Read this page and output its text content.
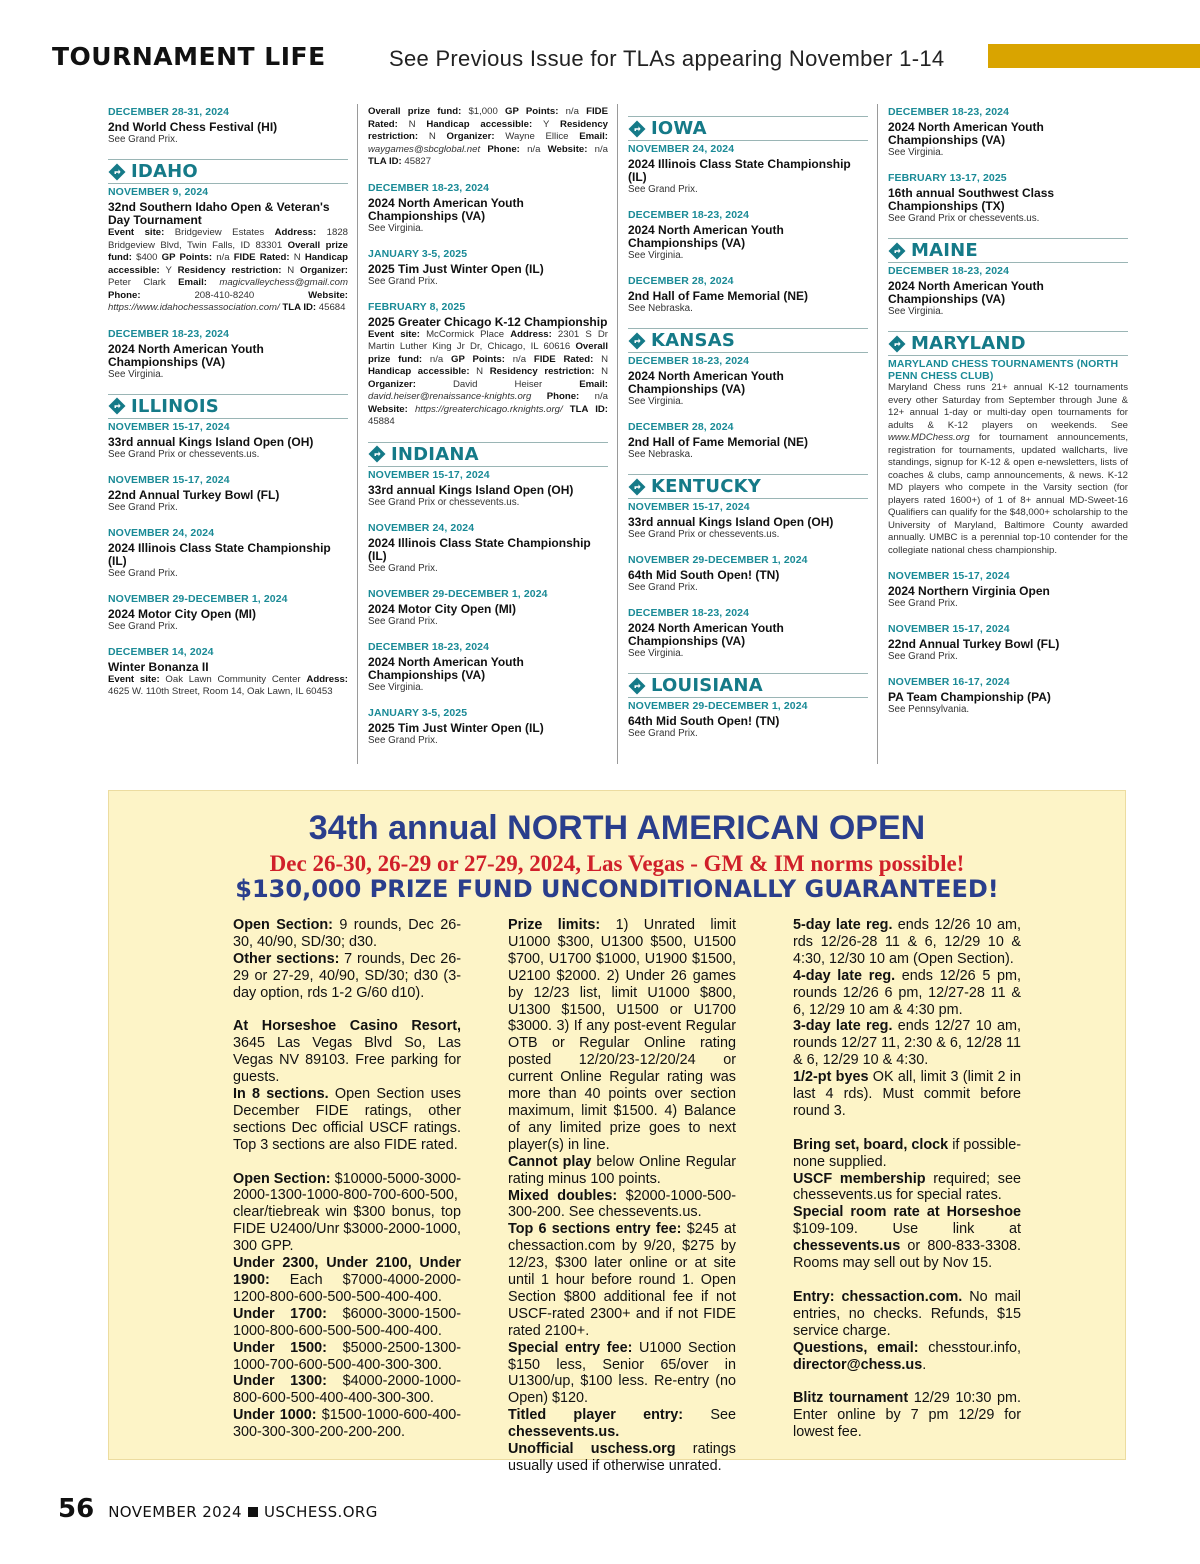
TOURNAMENT LIFE	See Previous Issue for TLAs appearing November 1-14
DECEMBER 28-31, 2024
2nd World Chess Festival (HI)
See Grand Prix.
IDAHO
NOVEMBER 9, 2024
32nd Southern Idaho Open & Veteran's Day Tournament
Event site: Bridgeview Estates Address: 1828 Bridgeview Blvd, Twin Falls, ID 83301 Overall prize fund: $400 GP Points: n/a FIDE Rated: N Handicap accessible: Y Residency restriction: N Organizer: Peter Clark Email: magicvalleychess@gmail.com Phone: 208-410-8240 Website: https://www.idahochessassociation.com/ TLA ID: 45684
DECEMBER 18-23, 2024
2024 North American Youth Championships (VA)
See Virginia.
ILLINOIS
NOVEMBER 15-17, 2024
33rd annual Kings Island Open (OH)
See Grand Prix or chessevents.us.
NOVEMBER 15-17, 2024
22nd Annual Turkey Bowl (FL)
See Grand Prix.
NOVEMBER 24, 2024
2024 Illinois Class State Championship (IL)
See Grand Prix.
NOVEMBER 29-DECEMBER 1, 2024
2024 Motor City Open (MI)
See Grand Prix.
DECEMBER 14, 2024
Winter Bonanza II
Event site: Oak Lawn Community Center Address: 4625 W. 110th Street, Room 14, Oak Lawn, IL 60453
Overall prize fund: $1,000 GP Points: n/a FIDE Rated: N Handicap accessible: Y Residency restriction: N Organizer: Wayne Ellice Email: waygames@sbcglobal.net Phone: n/a Website: n/a TLA ID: 45827
DECEMBER 18-23, 2024
2024 North American Youth Championships (VA)
See Virginia.
JANUARY 3-5, 2025
2025 Tim Just Winter Open (IL)
See Grand Prix.
FEBRUARY 8, 2025
2025 Greater Chicago K-12 Championship
Event site: McCormick Place Address: 2301 S Dr Martin Luther King Jr Dr, Chicago, IL 60616 Overall prize fund: n/a GP Points: n/a FIDE Rated: N Handicap accessible: N Residency restriction: N Organizer: David Heiser Email: david.heiser@renaissance-knights.org Phone: n/a Website: https://greaterchicago.rknights.org/ TLA ID: 45884
INDIANA
NOVEMBER 15-17, 2024
33rd annual Kings Island Open (OH)
See Grand Prix or chessevents.us.
NOVEMBER 24, 2024
2024 Illinois Class State Championship (IL)
See Grand Prix.
NOVEMBER 29-DECEMBER 1, 2024
2024 Motor City Open (MI)
See Grand Prix.
DECEMBER 18-23, 2024
2024 North American Youth Championships (VA)
See Virginia.
JANUARY 3-5, 2025
2025 Tim Just Winter Open (IL)
See Grand Prix.
IOWA
NOVEMBER 24, 2024
2024 Illinois Class State Championship (IL)
See Grand Prix.
DECEMBER 18-23, 2024
2024 North American Youth Championships (VA)
See Virginia.
DECEMBER 28, 2024
2nd Hall of Fame Memorial (NE)
See Nebraska.
KANSAS
DECEMBER 18-23, 2024
2024 North American Youth Championships (VA)
See Virginia.
DECEMBER 28, 2024
2nd Hall of Fame Memorial (NE)
See Nebraska.
KENTUCKY
NOVEMBER 15-17, 2024
33rd annual Kings Island Open (OH)
See Grand Prix or chessevents.us.
NOVEMBER 29-DECEMBER 1, 2024
64th Mid South Open! (TN)
See Grand Prix.
DECEMBER 18-23, 2024
2024 North American Youth Championships (VA)
See Virginia.
LOUISIANA
NOVEMBER 29-DECEMBER 1, 2024
64th Mid South Open! (TN)
See Grand Prix.
DECEMBER 18-23, 2024
2024 North American Youth Championships (VA)
See Virginia.
FEBRUARY 13-17, 2025
16th annual Southwest Class Championships (TX)
See Grand Prix or chessevents.us.
MAINE
DECEMBER 18-23, 2024
2024 North American Youth Championships (VA)
See Virginia.
MARYLAND
MARYLAND CHESS TOURNAMENTS (NORTH PENN CHESS CLUB)
Maryland Chess runs 21+ annual K-12 tournaments every other Saturday from September through June & 12+ annual 1-day or multi-day open tournaments for adults & K-12 players on weekends. See www.MDChess.org for tournament announcements, registration for tournaments, updated wallcharts, live standings, signup for K-12 & open e-newsletters, lists of coaches & clubs, camp announcements, & news. K-12 MD players who compete in the Varsity section (for players rated 1600+) of 1 of 8+ annual MD-Sweet-16 Qualifiers can qualify for the $48,000+ scholarship to the University of Maryland, Baltimore County awarded annually. UMBC is a perennial top-10 contender for the collegiate national chess championship.
NOVEMBER 15-17, 2024
2024 Northern Virginia Open
See Grand Prix.
NOVEMBER 15-17, 2024
22nd Annual Turkey Bowl (FL)
See Grand Prix.
NOVEMBER 16-17, 2024
PA Team Championship (PA)
See Pennsylvania.
34th annual NORTH AMERICAN OPEN
Dec 26-30, 26-29 or 27-29, 2024, Las Vegas - GM & IM norms possible!
$130,000 PRIZE FUND UNCONDITIONALLY GUARANTEED!

Open Section: 9 rounds, Dec 26-30, 40/90, SD/30; d30.

Other sections: 7 rounds, Dec 26-29 or 27-29, 40/90, SD/30; d30 (3-day option, rds 1-2 G/60 d10).

At Horseshoe Casino Resort, 3645 Las Vegas Blvd So, Las Vegas NV 89103. Free parking for guests.

In 8 sections. Open Section uses December FIDE ratings, other sections Dec official USCF ratings. Top 3 sections are also FIDE rated.

Open Section: $10000-5000-3000-2000-1300-1000-800-700-600-500, clear/tiebreak win $300 bonus, top FIDE U2400/Unr $3000-2000-1000, 300 GPP.

Under 2300, Under 2100, Under 1900: Each $7000-4000-2000-1200-800-600-500-500-400-400.

Under 1700: $6000-3000-1500-1000-800-600-500-500-400-400.

Under 1500: $5000-2500-1300-1000-700-600-500-400-300-300.

Under 1300: $4000-2000-1000-800-600-500-400-400-300-300.

Under 1000: $1500-1000-600-400-300-300-300-200-200-200.

Prize limits: 1) Unrated limit U1000 $300, U1300 $500, U1500 $700, U1700 $1000, U1900 $1500, U2100 $2000. 2) Under 26 games by 12/23 list, limit U1000 $800, U1300 $1500, U1500 or U1700 $3000. 3) If any post-event Regular OTB or Regular Online rating posted 12/20/23-12/20/24 or current Online Regular rating was more than 40 points over section maximum, limit $1500. 4) Balance of any limited prize goes to next player(s) in line.

Cannot play below Online Regular rating minus 100 points.

Mixed doubles: $2000-1000-500-300-200. See chessevents.us.

Top 6 sections entry fee: $245 at chessaction.com by 9/20, $275 by 12/23, $300 later online or at site until 1 hour before round 1. Open Section $800 additional fee if not USCF-rated 2300+ and if not FIDE rated 2100+.

Special entry fee: U1000 Section $150 less, Senior 65/over in U1300/up, $100 less. Re-entry (no Open) $120.

Titled player entry: See chessevents.us.

Unofficial uschess.org ratings usually used if otherwise unrated.

5-day late reg. ends 12/26 10 am, rds 12/26-28 11 & 6, 12/29 10 & 4:30, 12/30 10 am (Open Section).

4-day late reg. ends 12/26 5 pm, rounds 12/26 6 pm, 12/27-28 11 & 6, 12/29 10 am & 4:30 pm.

3-day late reg. ends 12/27 10 am, rounds 12/27 11, 2:30 & 6, 12/28 11 & 6, 12/29 10 & 4:30.

1/2-pt byes OK all, limit 3 (limit 2 in last 4 rds). Must commit before round 3.

Bring set, board, clock if possible- none supplied.

USCF membership required; see chessevents.us for special rates.

Special room rate at Horseshoe $109-109. Use link at chessevents.us or 800-833-3308. Rooms may sell out by Nov 15.

Entry: chessaction.com. No mail entries, no checks. Refunds, $15 service charge.

Questions, email: chesstour.info, director@chess.us.

Blitz tournament 12/29 10:30 pm. Enter online by 7 pm 12/29 for lowest fee.

56 NOVEMBER 2024 USCHESS.ORG
